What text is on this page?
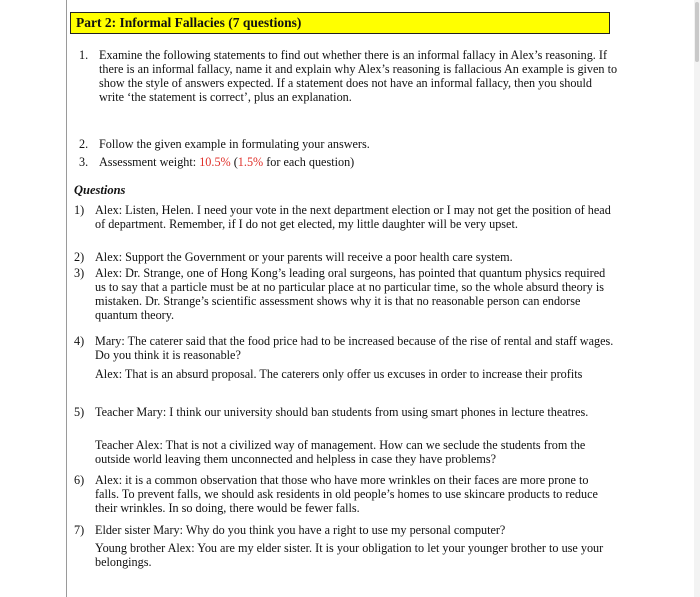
Part 2: Informal Fallacies (7 questions)
1. Examine the following statements to find out whether there is an informal fallacy in Alex’s reasoning. If there is an informal fallacy, name it and explain why Alex’s reasoning is fallacious An example is given to show the style of answers expected. If a statement does not have an informal fallacy, then you should write ‘the statement is correct’, plus an explanation.
2. Follow the given example in formulating your answers.
3. Assessment weight: 10.5% (1.5% for each question)
Questions
1) Alex: Listen, Helen. I need your vote in the next department election or I may not get the position of head of department. Remember, if I do not get elected, my little daughter will be very upset.
2) Alex: Support the Government or your parents will receive a poor health care system.
3) Alex: Dr. Strange, one of Hong Kong’s leading oral surgeons, has pointed that quantum physics required us to say that a particle must be at no particular place at no particular time, so the whole absurd theory is mistaken. Dr. Strange’s scientific assessment shows why it is that no reasonable person can endorse quantum theory.
4) Mary: The caterer said that the food price had to be increased because of the rise of rental and staff wages. Do you think it is reasonable?
Alex: That is an absurd proposal. The caterers only offer us excuses in order to increase their profits
5) Teacher Mary: I think our university should ban students from using smart phones in lecture theatres.
Teacher Alex: That is not a civilized way of management. How can we seclude the students from the outside world leaving them unconnected and helpless in case they have problems?
6) Alex: it is a common observation that those who have more wrinkles on their faces are more prone to falls. To prevent falls, we should ask residents in old people’s homes to use skincare products to reduce their wrinkles. In so doing, there would be fewer falls.
7) Elder sister Mary: Why do you think you have a right to use my personal computer?
Young brother Alex: You are my elder sister. It is your obligation to let your younger brother to use your belongings.
